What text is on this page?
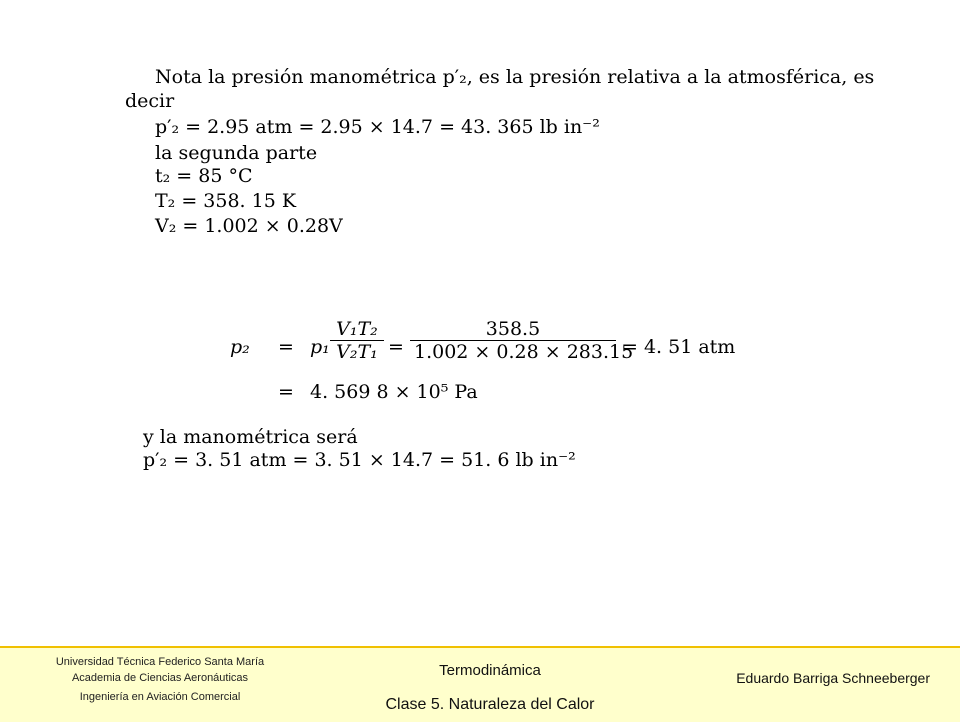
Nota la presión manométrica p′₂, es la presión relativa a la atmosférica, es
decir
p′₂ = 2.95 atm = 2.95 × 14.7 = 43. 365 lb in⁻²
la segunda parte
t₂ = 85 °C
T₂ = 358. 15 K
V₂ = 1.002 × 0.28V
p₂ = p₁
V₁T₂
V₂T₁ =
358.5
1.002 × 0.28 × 283.15
= 4. 51 atm
= 4. 569 8 × 10⁵ Pa
y la manométrica será
p′₂ = 3. 51 atm = 3. 51 × 14.7 = 51. 6 lb in⁻²
Universidad Técnica Federico Santa María
Academia de Ciencias Aeronáuticas
Ingeniería en Aviación Comercial
Termodinámica
Clase 5. Naturaleza del Calor
Eduardo Barriga Schneeberger
